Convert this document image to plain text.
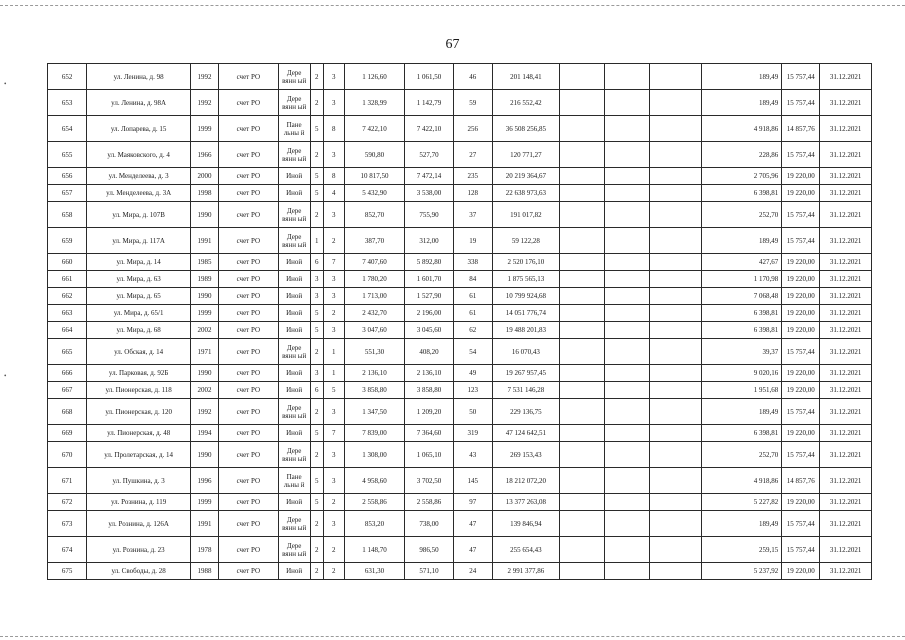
•
•
67
652	ул. Ленина, д. 98	1992	счет РО	Дере вянн ый	2	3	1 126,60	1 061,50	46	201 148,41				189,49	15 757,44	31.12.2021
653	ул. Ленина, д. 98А	1992	счет РО	Дере вянн ый	2	3	1 328,99	1 142,79	59	216 552,42				189,49	15 757,44	31.12.2021
654	ул. Лопарева, д. 15	1999	счет РО	Пане льны й	5	8	7 422,10	7 422,10	256	36 508 256,85				4 918,86	14 857,76	31.12.2021
655	ул. Маяковского, д. 4	1966	счет РО	Дере вянн ый	2	3	590,80	527,70	27	120 771,27				228,86	15 757,44	31.12.2021
656	ул. Менделеева, д. 3	2000	счет РО	Иной	5	8	10 817,50	7 472,14	235	20 219 364,67				2 705,96	19 220,00	31.12.2021
657	ул. Менделеева, д. 3А	1998	счет РО	Иной	5	4	5 432,90	3 538,00	128	22 638 973,63				6 398,81	19 220,00	31.12.2021
658	ул. Мира, д. 107В	1990	счет РО	Дере вянн ый	2	3	852,70	755,90	37	191 017,82				252,70	15 757,44	31.12.2021
659	ул. Мира, д. 117А	1991	счет РО	Дере вянн ый	1	2	387,70	312,00	19	59 122,28				189,49	15 757,44	31.12.2021
660	ул. Мира, д. 14	1985	счет РО	Иной	6	7	7 407,60	5 892,80	338	2 520 176,10				427,67	19 220,00	31.12.2021
661	ул. Мира, д. 63	1989	счет РО	Иной	3	3	1 780,20	1 601,70	84	1 875 565,13				1 170,98	19 220,00	31.12.2021
662	ул. Мира, д. 65	1990	счет РО	Иной	3	3	1 713,00	1 527,90	61	10 799 924,68				7 068,48	19 220,00	31.12.2021
663	ул. Мира, д. 65/1	1999	счет РО	Иной	5	2	2 432,70	2 196,00	61	14 051 776,74				6 398,81	19 220,00	31.12.2021
664	ул. Мира, д. 68	2002	счет РО	Иной	5	3	3 047,60	3 045,60	62	19 488 201,83				6 398,81	19 220,00	31.12.2021
665	ул. Обская, д. 14	1971	счет РО	Дере вянн ый	2	1	551,30	408,20	54	16 070,43				39,37	15 757,44	31.12.2021
666	ул. Парковая, д. 92Б	1990	счет РО	Иной	3	1	2 136,10	2 136,10	49	19 267 957,45				9 020,16	19 220,00	31.12.2021
667	ул. Пионерская, д. 118	2002	счет РО	Иной	6	5	3 858,80	3 858,80	123	7 531 146,28				1 951,68	19 220,00	31.12.2021
668	ул. Пионерская, д. 120	1992	счет РО	Дере вянн ый	2	3	1 347,50	1 209,20	50	229 136,75				189,49	15 757,44	31.12.2021
669	ул. Пионерская, д. 48	1994	счет РО	Иной	5	7	7 839,00	7 364,60	319	47 124 642,51				6 398,81	19 220,00	31.12.2021
670	ул. Пролетарская, д. 14	1990	счет РО	Дере вянн ый	2	3	1 308,00	1 065,10	43	269 153,43				252,70	15 757,44	31.12.2021
671	ул. Пушкина, д. 3	1996	счет РО	Пане льны й	5	3	4 958,60	3 702,50	145	18 212 072,20				4 918,86	14 857,76	31.12.2021
672	ул. Рознина, д. 119	1999	счет РО	Иной	5	2	2 558,86	2 558,86	97	13 377 263,08				5 227,82	19 220,00	31.12.2021
673	ул. Рознина, д. 126А	1991	счет РО	Дере вянн ый	2	3	853,20	738,00	47	139 846,94				189,49	15 757,44	31.12.2021
674	ул. Рознина, д. 23	1978	счет РО	Дере вянн ый	2	2	1 148,70	986,50	47	255 654,43				259,15	15 757,44	31.12.2021
675	ул. Свободы, д. 28	1988	счет РО	Иной	2	2	631,30	571,10	24	2 991 377,86				5 237,92	19 220,00	31.12.2021
